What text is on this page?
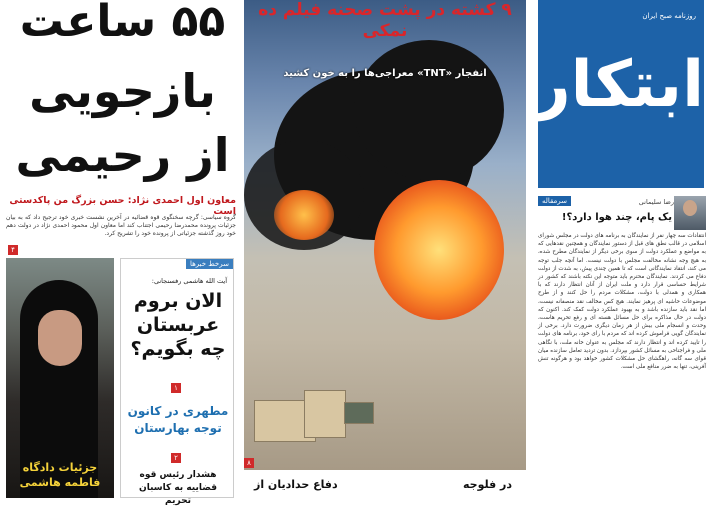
۵۵ ساعت
بازجویی
از رحیمی
معاون اول احمدی نژاد: حسن بزرگ من پاکدستی است
گروه سیاسی: گرچه سخنگوی قوه قضائیه در آخرین نشست خبری خود ترجیح داد که به بیان جزئیات پرونده محمدرضا رحیمی اجتناب کند اما معاون اول محمود احمدی نژاد در دولت دهم خود روز گذشته جزئیاتی از پرونده خود را تشریح کرد.
۴
جزئیات دادگاه
فاطمه هاشمی
سرخط خبرها
آیت الله هاشمی رفسنجانی:
الان بروم عربستان چه بگویم؟
۱
مطهری در کانون توجه بهارستان
۲
هشدار رئیس قوه قضاییه به کاسبان تحریم
۹ کشته در پشت صحنه فیلم ده نمکی
انفجار «TNT» معراجی‌ها را به خون کشید
۸
در فلوجه
دفاع حدادیان از
روزنامه صبح ایران
ابتکار
سرمقاله	رضا سلیمانی
یک پام، چند هوا دارد؟!
انتقادات سه چهار نفر از نمایندگان به برنامه های دولت در مجلس شورای اسلامی در قالب نطق های قبل از دستور نمایندگان و همچنین نقدهایی که به مواضع و عملکرد دولت از سوی برخی دیگر از نمایندگان مطرح شده، به هیچ وجه نشانه مخالفت مجلس با دولت نیست. اما آنچه جلب توجه می کند، انتقاد نمایندگانی است که تا همین چندی پیش، به شدت از دولت دفاع می کردند. نمایندگان محترم باید متوجه این نکته باشند که کشور در شرایط حساسی قرار دارد و ملت ایران از آنان انتظار دارند که با همکاری و همدلی با دولت، مشکلات مردم را حل کنند و از طرح موضوعات حاشیه ای پرهیز نمایند. هیچ کس مخالف نقد منصفانه نیست، اما نقد باید سازنده باشد و به بهبود عملکرد دولت کمک کند. اکنون که دولت در حال مذاکره برای حل مسائل هسته ای و رفع تحریم هاست، وحدت و انسجام ملی بیش از هر زمان دیگری ضرورت دارد. برخی از نمایندگان گویی فراموش کرده اند که مردم با رای خود، برنامه های دولت را تایید کرده اند و انتظار دارند که مجلس به عنوان خانه ملت، با نگاهی ملی و فراجناحی به مسائل کشور بپردازد. بدون تردید تعامل سازنده میان قوای سه گانه، راهگشای حل مشکلات کشور خواهد بود و هرگونه تنش آفرینی، تنها به ضرر منافع ملی است.
